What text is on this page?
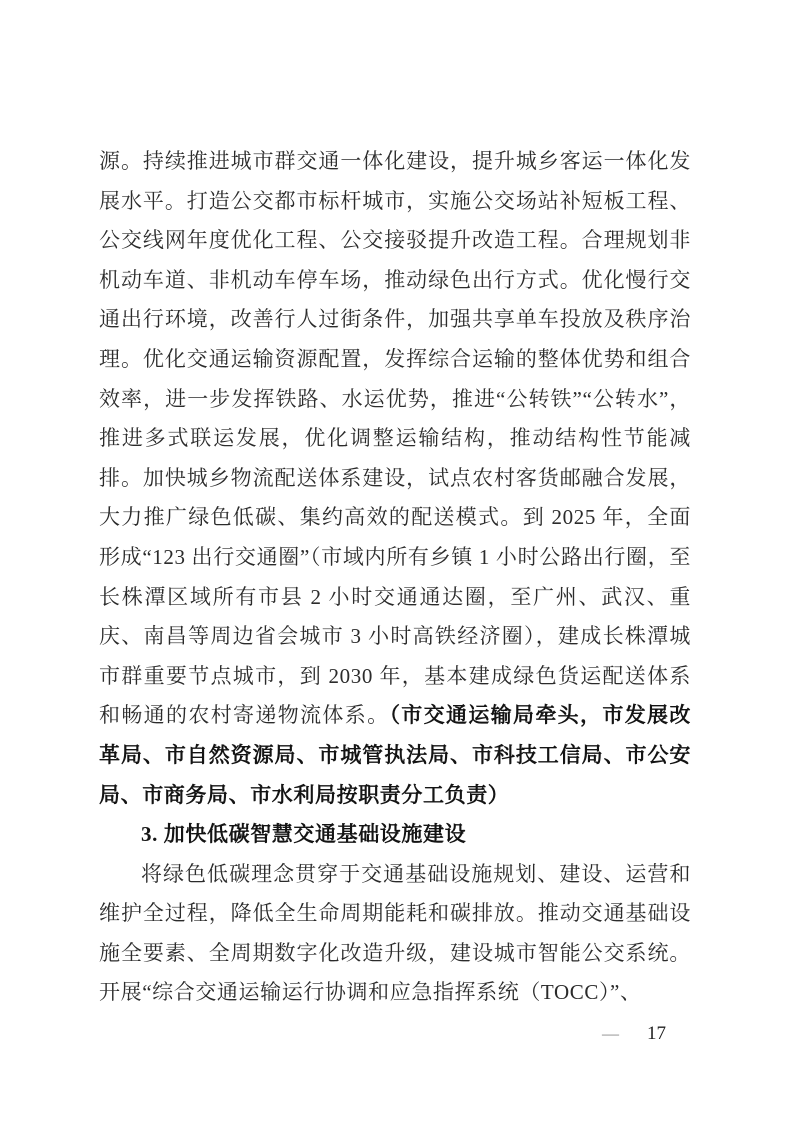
源。持续推进城市群交通一体化建设，提升城乡客运一体化发展水平。打造公交都市标杆城市，实施公交场站补短板工程、公交线网年度优化工程、公交接驳提升改造工程。合理规划非机动车道、非机动车停车场，推动绿色出行方式。优化慢行交通出行环境，改善行人过街条件，加强共享单车投放及秩序治理。优化交通运输资源配置，发挥综合运输的整体优势和组合效率，进一步发挥铁路、水运优势，推进“公转铁”“公转水”，推进多式联运发展，优化调整运输结构，推动结构性节能减排。加快城乡物流配送体系建设，试点农村客货邮融合发展，大力推广绿色低碳、集约高效的配送模式。到 2025 年，全面形成“123 出行交通圈”（市域内所有乡镇 1 小时公路出行圈，至长株潭区域所有市县 2 小时交通通达圈，至广州、武汉、重庆、南昌等周边省会城市 3 小时高铁经济圈），建成长株潭城市群重要节点城市，到 2030 年，基本建成绿色货运配送体系和畅通的农村寄递物流体系。（市交通运输局牵头，市发展改革局、市自然资源局、市城管执法局、市科技工信局、市公安局、市商务局、市水利局按职责分工负责）

3. 加快低碳智慧交通基础设施建设

将绿色低碳理念贯穿于交通基础设施规划、建设、运营和维护全过程，降低全生命周期能耗和碳排放。推动交通基础设施全要素、全周期数字化改造升级，建设城市智能公交系统。开展“综合交通运输运行协调和应急指挥系统（TOCC）”、

— 17
